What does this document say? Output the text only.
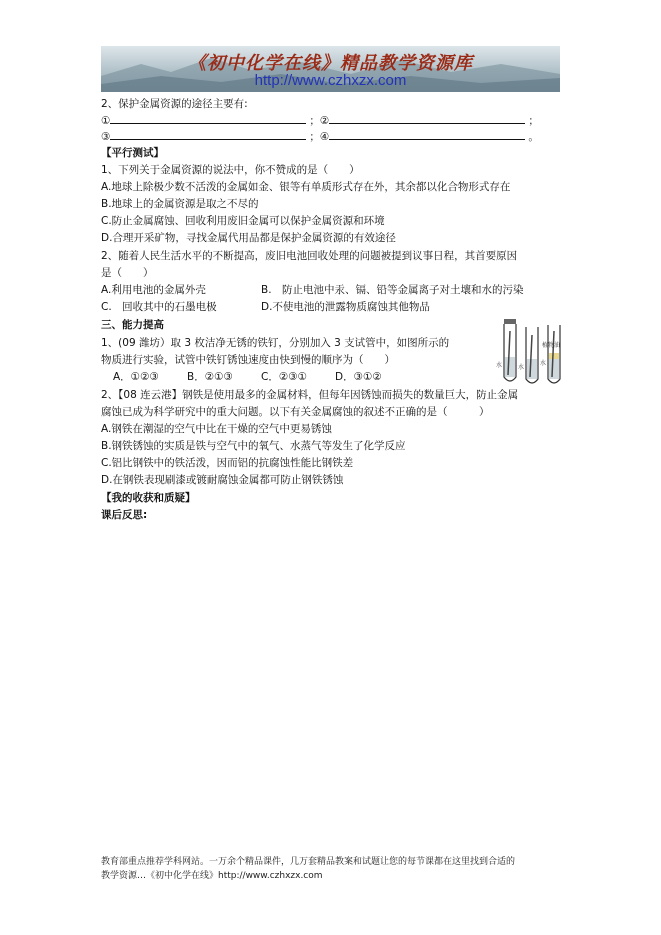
《初中化学在线》精品教学资源库
http://www.czhxzx.com
2、保护金属资源的途径主要有:
①	；②	；
③	；④	。
【平行测试】
1、下列关于金属资源的说法中，你不赞成的是（　　）
A.地球上除极少数不活泼的金属如金、银等有单质形式存在外，其余都以化合物形式存在
B.地球上的金属资源是取之不尽的
C.防止金属腐蚀、回收利用废旧金属可以保护金属资源和环境
D.合理开采矿物，寻找金属代用品都是保护金属资源的有效途径
2、随着人民生活水平的不断提高，废旧电池回收处理的问题被提到议事日程，其首要原因
是（　　）
A.利用电池的金属外壳	B.　防止电池中汞、镉、铅等金属离子对土壤和水的污染
C.　回收其中的石墨电极	D.不使电池的泄露物质腐蚀其他物品
三、能力提高
1、(09 潍坊）取 3 枚洁净无锈的铁钉，分别加入 3 支试管中，如图所示的
物质进行实验，试管中铁钉锈蚀速度由快到慢的顺序为（　　）
A．①②③	B．②①③	C．②③①	D．③①②
植物油
水
水	水
2、【08 连云港】钢铁是使用最多的金属材料，但每年因锈蚀而损失的数量巨大，防止金属
腐蚀已成为科学研究中的重大问题。以下有关金属腐蚀的叙述不正确的是（　　　）
A.钢铁在潮湿的空气中比在干燥的空气中更易锈蚀
B.钢铁锈蚀的实质是铁与空气中的氧气、水蒸气等发生了化学反应
C.铝比钢铁中的铁活泼，因而铝的抗腐蚀性能比钢铁差
D.在钢铁表现刷漆或镀耐腐蚀金属都可防止钢铁锈蚀
【我的收获和质疑】
课后反思:
教育部重点推荐学科网站。一万余个精品课件，几万套精品教案和试题让您的每节课都在这里找到合适的
教学资源…《初中化学在线》http://www.czhxzx.com
